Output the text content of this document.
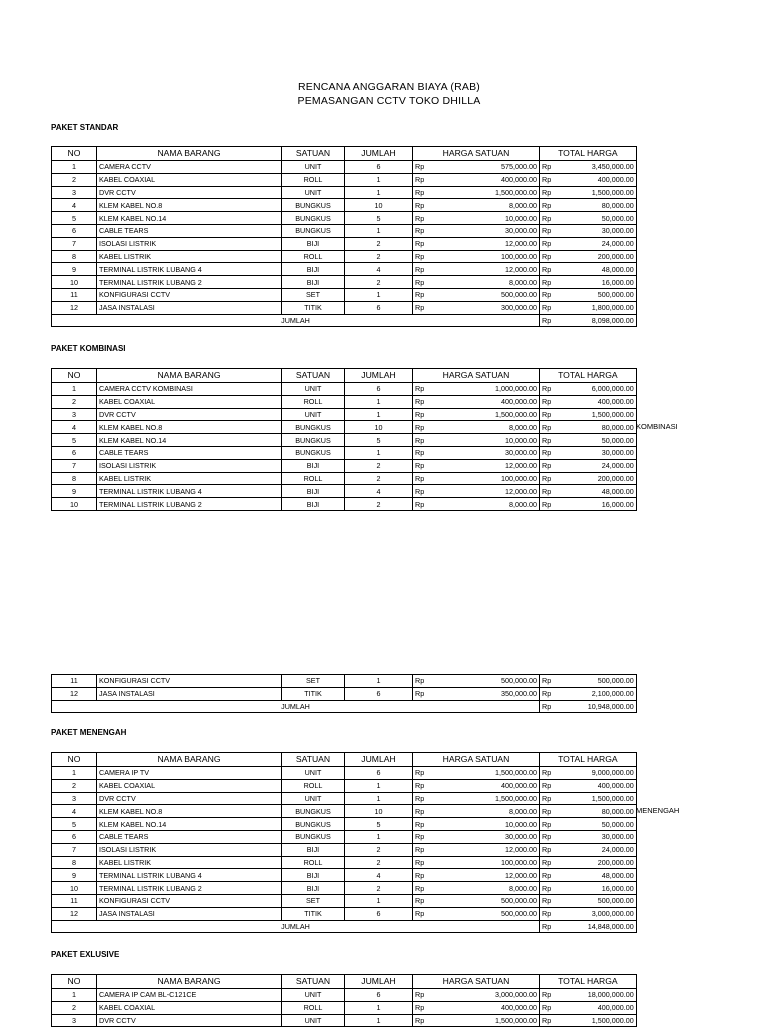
RENCANA ANGGARAN BIAYA (RAB)
PEMASANGAN CCTV TOKO DHILLA
PAKET STANDAR
PAKET KOMBINASI
PAKET MENENGAH
PAKET EXLUSIVE
KOMBINASI
MENENGAH
NO	NAMA BARANG	SATUAN	JUMLAH	HARGA SATUAN		TOTAL HARGA	
1	CAMERA CCTV	UNIT	6	Rp	575,000.00	Rp	3,450,000.00
2	KABEL COAXIAL	ROLL	1	Rp	400,000.00	Rp	400,000.00
3	DVR CCTV	UNIT	1	Rp	1,500,000.00	Rp	1,500,000.00
4	KLEM KABEL NO.8	BUNGKUS	10	Rp	8,000.00	Rp	80,000.00
5	KLEM KABEL NO.14	BUNGKUS	5	Rp	10,000.00	Rp	50,000.00
6	CABLE TEARS	BUNGKUS	1	Rp	30,000.00	Rp	30,000.00
7	ISOLASI LISTRIK	BIJI	2	Rp	12,000.00	Rp	24,000.00
8	KABEL LISTRIK	ROLL	2	Rp	100,000.00	Rp	200,000.00
9	TERMINAL LISTRIK LUBANG 4	BIJI	4	Rp	12,000.00	Rp	48,000.00
10	TERMINAL LISTRIK LUBANG 2	BIJI	2	Rp	8,000.00	Rp	16,000.00
11	KONFIGURASI CCTV	SET	1	Rp	500,000.00	Rp	500,000.00
12	JASA INSTALASI	TITIK	6	Rp	300,000.00	Rp	1,800,000.00
JUMLAH						Rp	8,098,000.00
NO	NAMA BARANG	SATUAN	JUMLAH	HARGA SATUAN		TOTAL HARGA	
1	CAMERA CCTV KOMBINASI	UNIT	6	Rp	1,000,000.00	Rp	6,000,000.00
2	KABEL COAXIAL	ROLL	1	Rp	400,000.00	Rp	400,000.00
3	DVR CCTV	UNIT	1	Rp	1,500,000.00	Rp	1,500,000.00
4	KLEM KABEL NO.8	BUNGKUS	10	Rp	8,000.00	Rp	80,000.00
5	KLEM KABEL NO.14	BUNGKUS	5	Rp	10,000.00	Rp	50,000.00
6	CABLE TEARS	BUNGKUS	1	Rp	30,000.00	Rp	30,000.00
7	ISOLASI LISTRIK	BIJI	2	Rp	12,000.00	Rp	24,000.00
8	KABEL LISTRIK	ROLL	2	Rp	100,000.00	Rp	200,000.00
9	TERMINAL LISTRIK LUBANG 4	BIJI	4	Rp	12,000.00	Rp	48,000.00
10	TERMINAL LISTRIK LUBANG 2	BIJI	2	Rp	8,000.00	Rp	16,000.00
11	KONFIGURASI CCTV	SET	1	Rp	500,000.00	Rp	500,000.00
12	JASA INSTALASI	TITIK	6	Rp	350,000.00	Rp	2,100,000.00
JUMLAH						Rp	10,948,000.00
NO	NAMA BARANG	SATUAN	JUMLAH	HARGA SATUAN		TOTAL HARGA	
1	CAMERA IP TV	UNIT	6	Rp	1,500,000.00	Rp	9,000,000.00
2	KABEL COAXIAL	ROLL	1	Rp	400,000.00	Rp	400,000.00
3	DVR CCTV	UNIT	1	Rp	1,500,000.00	Rp	1,500,000.00
4	KLEM KABEL NO.8	BUNGKUS	10	Rp	8,000.00	Rp	80,000.00
5	KLEM KABEL NO.14	BUNGKUS	5	Rp	10,000.00	Rp	50,000.00
6	CABLE TEARS	BUNGKUS	1	Rp	30,000.00	Rp	30,000.00
7	ISOLASI LISTRIK	BIJI	2	Rp	12,000.00	Rp	24,000.00
8	KABEL LISTRIK	ROLL	2	Rp	100,000.00	Rp	200,000.00
9	TERMINAL LISTRIK LUBANG 4	BIJI	4	Rp	12,000.00	Rp	48,000.00
10	TERMINAL LISTRIK LUBANG 2	BIJI	2	Rp	8,000.00	Rp	16,000.00
11	KONFIGURASI CCTV	SET	1	Rp	500,000.00	Rp	500,000.00
12	JASA INSTALASI	TITIK	6	Rp	500,000.00	Rp	3,000,000.00
JUMLAH						Rp	14,848,000.00
NO	NAMA BARANG	SATUAN	JUMLAH	HARGA SATUAN		TOTAL HARGA	
1	CAMERA IP CAM BL-C121CE	UNIT	6	Rp	3,000,000.00	Rp	18,000,000.00
2	KABEL COAXIAL	ROLL	1	Rp	400,000.00	Rp	400,000.00
3	DVR CCTV	UNIT	1	Rp	1,500,000.00	Rp	1,500,000.00
